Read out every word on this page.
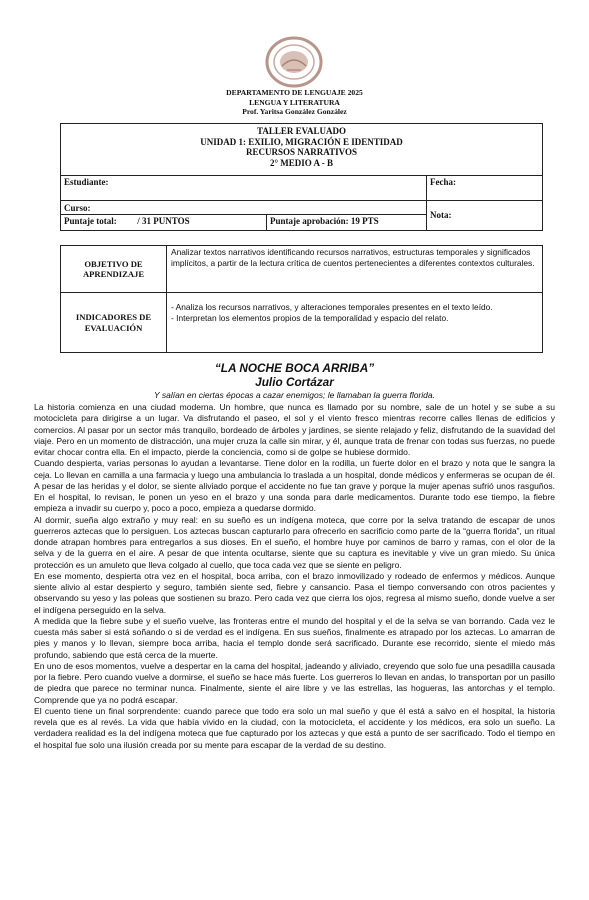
DEPARTAMENTO DE LENGUAJE 2025
LENGUA Y LITERATURA
Prof. Yaritsa González González
TALLER EVALUADO
UNIDAD 1: EXILIO, MIGRACIÓN E IDENTIDAD
RECURSOS NARRATIVOS
2° MEDIO A - B		

Estudiante:		Fecha:
Curso:		Nota:
Puntaje total: / 31 PUNTOS	Puntaje aprobación: 19 PTS	
OBJETIVO DE APRENDIZAJE	Analizar textos narrativos identificando recursos narrativos, estructuras temporales y significados implícitos, a partir de la lectura crítica de cuentos pertenecientes a diferentes contextos culturales.
INDICADORES DE EVALUACIÓN	- Analiza los recursos narrativos, y alteraciones temporales presentes en el texto leído.
- Interpretan los elementos propios de la temporalidad y espacio del relato.
“LA NOCHE BOCA ARRIBA”
Julio Cortázar
Y salían en ciertas épocas a cazar enemigos; le llamaban la guerra florida.

La historia comienza en una ciudad moderna. Un hombre, que nunca es llamado por su nombre, sale de un hotel y se sube a su motocicleta para dirigirse a un lugar. Va disfrutando el paseo, el sol y el viento fresco mientras recorre calles llenas de edificios y comercios. Al pasar por un sector más tranquilo, bordeado de árboles y jardines, se siente relajado y feliz, disfrutando de la suavidad del viaje. Pero en un momento de distracción, una mujer cruza la calle sin mirar, y él, aunque trata de frenar con todas sus fuerzas, no puede evitar chocar contra ella. En el impacto, pierde la conciencia, como si de golpe se hubiese dormido.

Cuando despierta, varias personas lo ayudan a levantarse. Tiene dolor en la rodilla, un fuerte dolor en el brazo y nota que le sangra la ceja. Lo llevan en camilla a una farmacia y luego una ambulancia lo traslada a un hospital, donde médicos y enfermeras se ocupan de él. A pesar de las heridas y el dolor, se siente aliviado porque el accidente no fue tan grave y porque la mujer apenas sufrió unos rasguños. En el hospital, lo revisan, le ponen un yeso en el brazo y una sonda para darle medicamentos. Durante todo ese tiempo, la fiebre empieza a invadir su cuerpo y, poco a poco, empieza a quedarse dormido.

Al dormir, sueña algo extraño y muy real: en su sueño es un indígena moteca, que corre por la selva tratando de escapar de unos guerreros aztecas que lo persiguen. Los aztecas buscan capturarlo para ofrecerlo en sacrificio como parte de la “guerra florida”, un ritual donde atrapan hombres para entregarlos a sus dioses. En el sueño, el hombre huye por caminos de barro y ramas, con el olor de la selva y de la guerra en el aire. A pesar de que intenta ocultarse, siente que su captura es inevitable y vive un gran miedo. Su única protección es un amuleto que lleva colgado al cuello, que toca cada vez que se siente en peligro.

En ese momento, despierta otra vez en el hospital, boca arriba, con el brazo inmovilizado y rodeado de enfermos y médicos. Aunque siente alivio al estar despierto y seguro, también siente sed, fiebre y cansancio. Pasa el tiempo conversando con otros pacientes y observando su yeso y las poleas que sostienen su brazo. Pero cada vez que cierra los ojos, regresa al mismo sueño, donde vuelve a ser el indígena perseguido en la selva.

A medida que la fiebre sube y el sueño vuelve, las fronteras entre el mundo del hospital y el de la selva se van borrando. Cada vez le cuesta más saber si está soñando o si de verdad es el indígena. En sus sueños, finalmente es atrapado por los aztecas. Lo amarran de pies y manos y lo llevan, siempre boca arriba, hacia el templo donde será sacrificado. Durante ese recorrido, siente el miedo más profundo, sabiendo que está cerca de la muerte.

En uno de esos momentos, vuelve a despertar en la cama del hospital, jadeando y aliviado, creyendo que solo fue una pesadilla causada por la fiebre. Pero cuando vuelve a dormirse, el sueño se hace más fuerte. Los guerreros lo llevan en andas, lo transportan por un pasillo de piedra que parece no terminar nunca. Finalmente, siente el aire libre y ve las estrellas, las hogueras, las antorchas y el templo. Comprende que ya no podrá escapar.

El cuento tiene un final sorprendente: cuando parece que todo era solo un mal sueño y que él está a salvo en el hospital, la historia revela que es al revés. La vida que había vivido en la ciudad, con la motocicleta, el accidente y los médicos, era solo un sueño. La verdadera realidad es la del indígena moteca que fue capturado por los aztecas y que está a punto de ser sacrificado. Todo el tiempo en el hospital fue solo una ilusión creada por su mente para escapar de la verdad de su destino.
